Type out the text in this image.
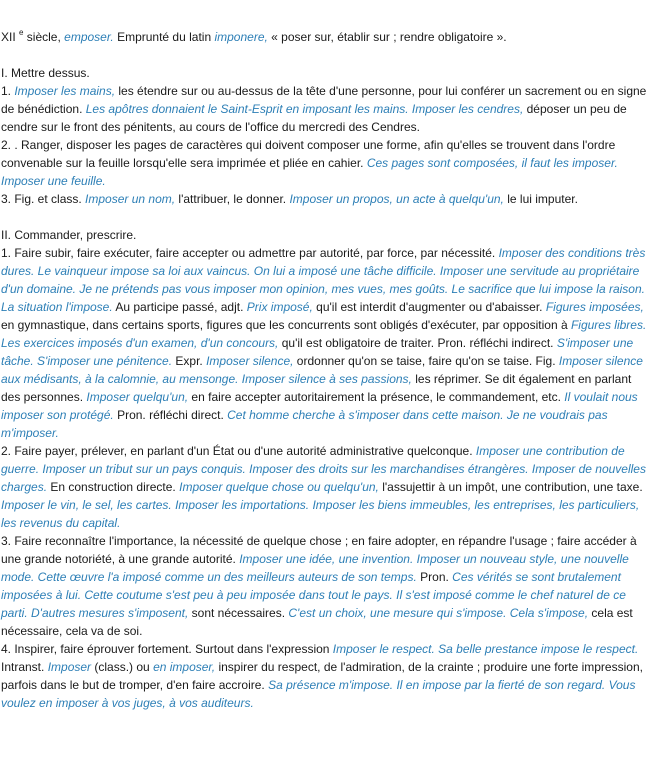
XII $^e$ siècle, emposer. Emprunté du latin imponere, « poser sur, établir sur ; rendre obligatoire ».

I. Mettre dessus.

1. Imposer les mains, les étendre sur ou au-dessus de la tête d'une personne, pour lui conférer un sacrement ou en signe de bénédiction. Les apôtres donnaient le Saint-Esprit en imposant les mains. Imposer les cendres, déposer un peu de cendre sur le front des pénitents, au cours de l'office du mercredi des Cendres.

2. . Ranger, disposer les pages de caractères qui doivent composer une forme, afin qu'elles se trouvent dans l'ordre convenable sur la feuille lorsqu'elle sera imprimée et pliée en cahier. Ces pages sont composées, il faut les imposer. Imposer une feuille.

3. Fig. et class. Imposer un nom, l'attribuer, le donner. Imposer un propos, un acte à quelqu'un, le lui imputer.

II. Commander, prescrire.

1. Faire subir, faire exécuter, faire accepter ou admettre par autorité, par force, par nécessité. Imposer des conditions très dures. Le vainqueur impose sa loi aux vaincus. On lui a imposé une tâche difficile. Imposer une servitude au propriétaire d'un domaine. Je ne prétends pas vous imposer mon opinion, mes vues, mes goûts. Le sacrifice que lui impose la raison. La situation l'impose. Au participe passé, adjt. Prix imposé, qu'il est interdit d'augmenter ou d'abaisser. Figures imposées, en gymnastique, dans certains sports, figures que les concurrents sont obligés d'exécuter, par opposition à Figures libres. Les exercices imposés d'un examen, d'un concours, qu'il est obligatoire de traiter. Pron. réfléchi indirect. S'imposer une tâche. S'imposer une pénitence. Expr. Imposer silence, ordonner qu'on se taise, faire qu'on se taise. Fig. Imposer silence aux médisants, à la calomnie, au mensonge. Imposer silence à ses passions, les réprimer. Se dit également en parlant des personnes. Imposer quelqu'un, en faire accepter autoritairement la présence, le commandement, etc. Il voulait nous imposer son protégé. Pron. réfléchi direct. Cet homme cherche à s'imposer dans cette maison. Je ne voudrais pas m'imposer.

2. Faire payer, prélever, en parlant d'un État ou d'une autorité administrative quelconque. Imposer une contribution de guerre. Imposer un tribut sur un pays conquis. Imposer des droits sur les marchandises étrangères. Imposer de nouvelles charges. En construction directe. Imposer quelque chose ou quelqu'un, l'assujettir à un impôt, une contribution, une taxe. Imposer le vin, le sel, les cartes. Imposer les importations. Imposer les biens immeubles, les entreprises, les particuliers, les revenus du capital.

3. Faire reconnaître l'importance, la nécessité de quelque chose ; en faire adopter, en répandre l'usage ; faire accéder à une grande notoriété, à une grande autorité. Imposer une idée, une invention. Imposer un nouveau style, une nouvelle mode. Cette œuvre l'a imposé comme un des meilleurs auteurs de son temps. Pron. Ces vérités se sont brutalement imposées à lui. Cette coutume s'est peu à peu imposée dans tout le pays. Il s'est imposé comme le chef naturel de ce parti. D'autres mesures s'imposent, sont nécessaires. C'est un choix, une mesure qui s'impose. Cela s'impose, cela est nécessaire, cela va de soi.

4. Inspirer, faire éprouver fortement. Surtout dans l'expression Imposer le respect. Sa belle prestance impose le respect. Intranst. Imposer (class.) ou en imposer, inspirer du respect, de l'admiration, de la crainte ; produire une forte impression, parfois dans le but de tromper, d'en faire accroire. Sa présence m'impose. Il en impose par la fierté de son regard. Vous voulez en imposer à vos juges, à vos auditeurs.
